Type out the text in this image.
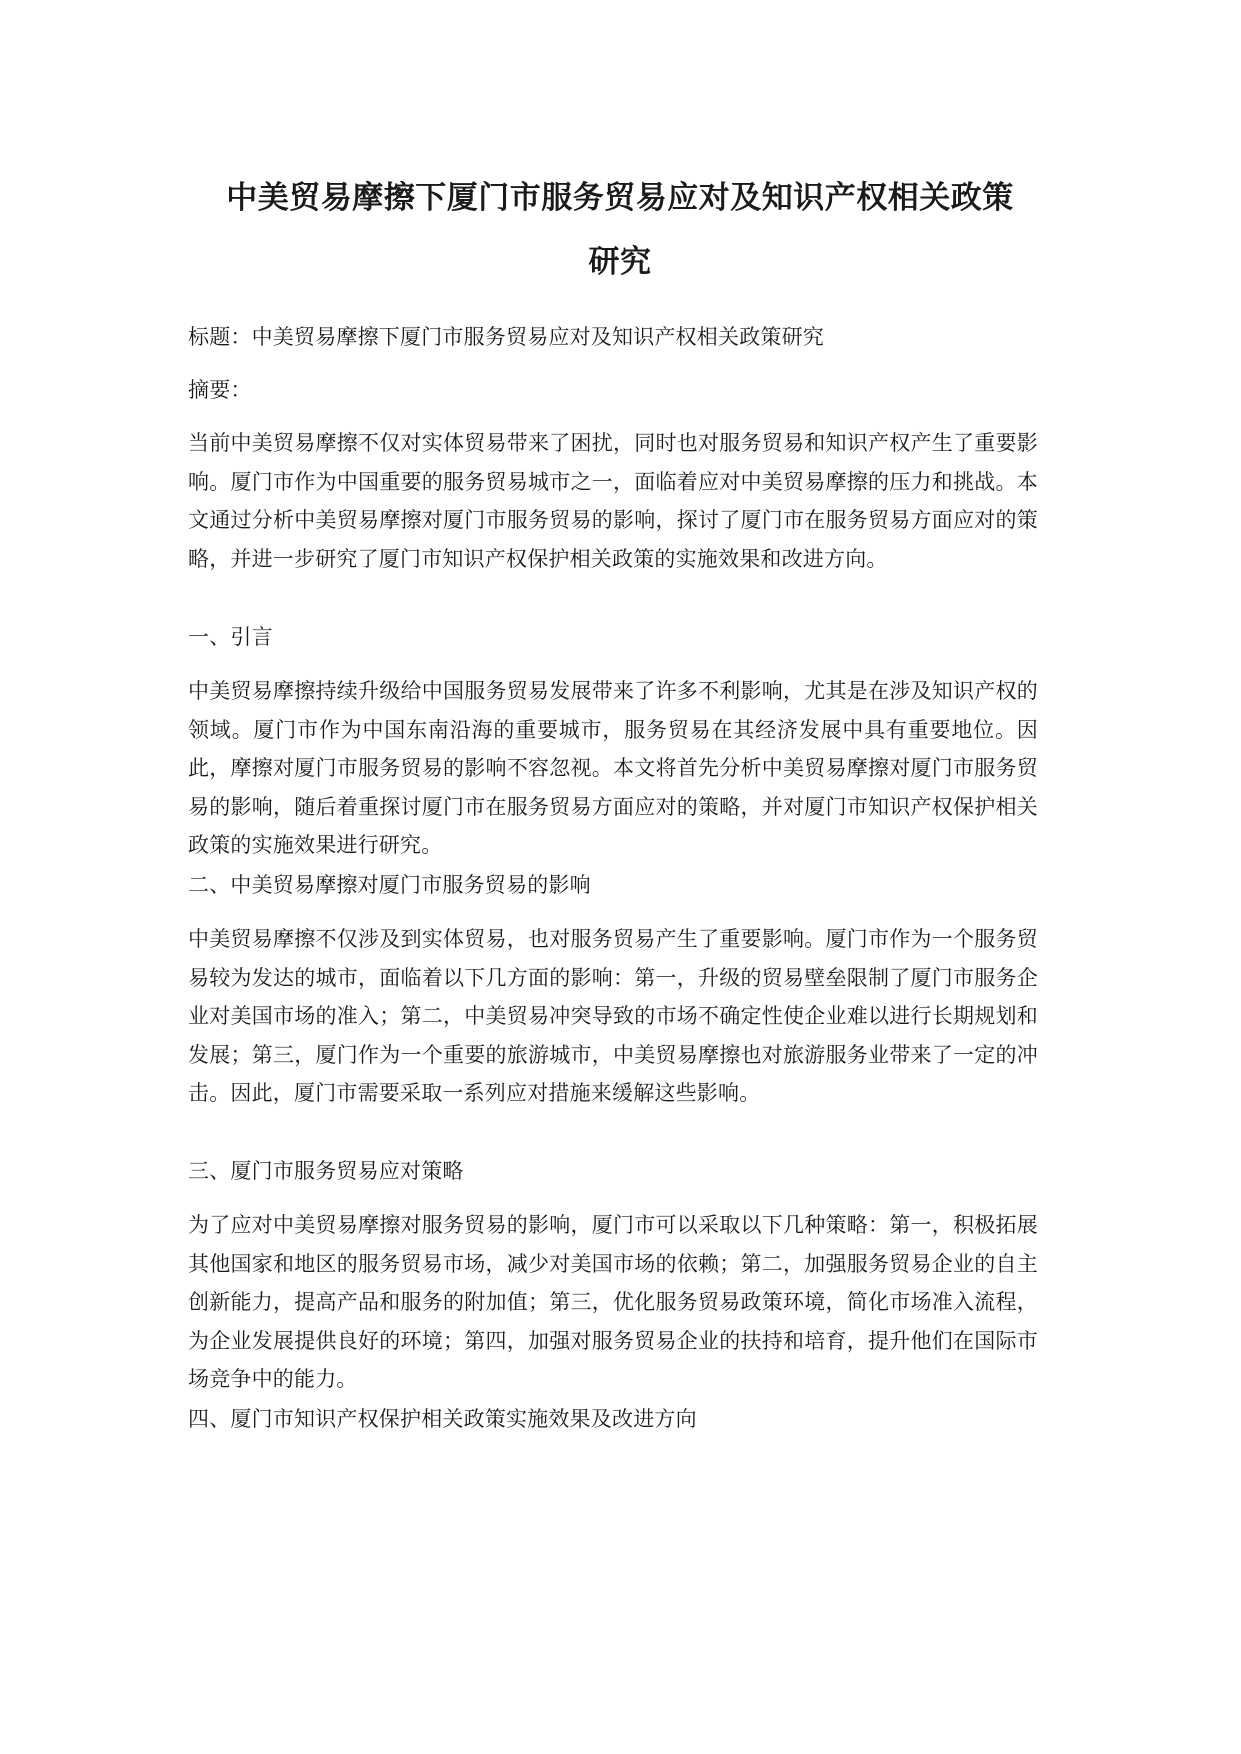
中美贸易摩擦下厦门市服务贸易应对及知识产权相关政策
研究
标题：中美贸易摩擦下厦门市服务贸易应对及知识产权相关政策研究
摘要：
当前中美贸易摩擦不仅对实体贸易带来了困扰，同时也对服务贸易和知识产权产生了重要影响。厦门市作为中国重要的服务贸易城市之一，面临着应对中美贸易摩擦的压力和挑战。本文通过分析中美贸易摩擦对厦门市服务贸易的影响，探讨了厦门市在服务贸易方面应对的策略，并进一步研究了厦门市知识产权保护相关政策的实施效果和改进方向。
一、引言
中美贸易摩擦持续升级给中国服务贸易发展带来了许多不利影响，尤其是在涉及知识产权的领域。厦门市作为中国东南沿海的重要城市，服务贸易在其经济发展中具有重要地位。因此，摩擦对厦门市服务贸易的影响不容忽视。本文将首先分析中美贸易摩擦对厦门市服务贸易的影响，随后着重探讨厦门市在服务贸易方面应对的策略，并对厦门市知识产权保护相关政策的实施效果进行研究。
二、中美贸易摩擦对厦门市服务贸易的影响
中美贸易摩擦不仅涉及到实体贸易，也对服务贸易产生了重要影响。厦门市作为一个服务贸易较为发达的城市，面临着以下几方面的影响：第一，升级的贸易壁垒限制了厦门市服务企业对美国市场的准入；第二，中美贸易冲突导致的市场不确定性使企业难以进行长期规划和发展；第三，厦门作为一个重要的旅游城市，中美贸易摩擦也对旅游服务业带来了一定的冲击。因此，厦门市需要采取一系列应对措施来缓解这些影响。
三、厦门市服务贸易应对策略
为了应对中美贸易摩擦对服务贸易的影响，厦门市可以采取以下几种策略：第一，积极拓展其他国家和地区的服务贸易市场，减少对美国市场的依赖；第二，加强服务贸易企业的自主创新能力，提高产品和服务的附加值；第三，优化服务贸易政策环境，简化市场准入流程，为企业发展提供良好的环境；第四，加强对服务贸易企业的扶持和培育，提升他们在国际市场竞争中的能力。
四、厦门市知识产权保护相关政策实施效果及改进方向
